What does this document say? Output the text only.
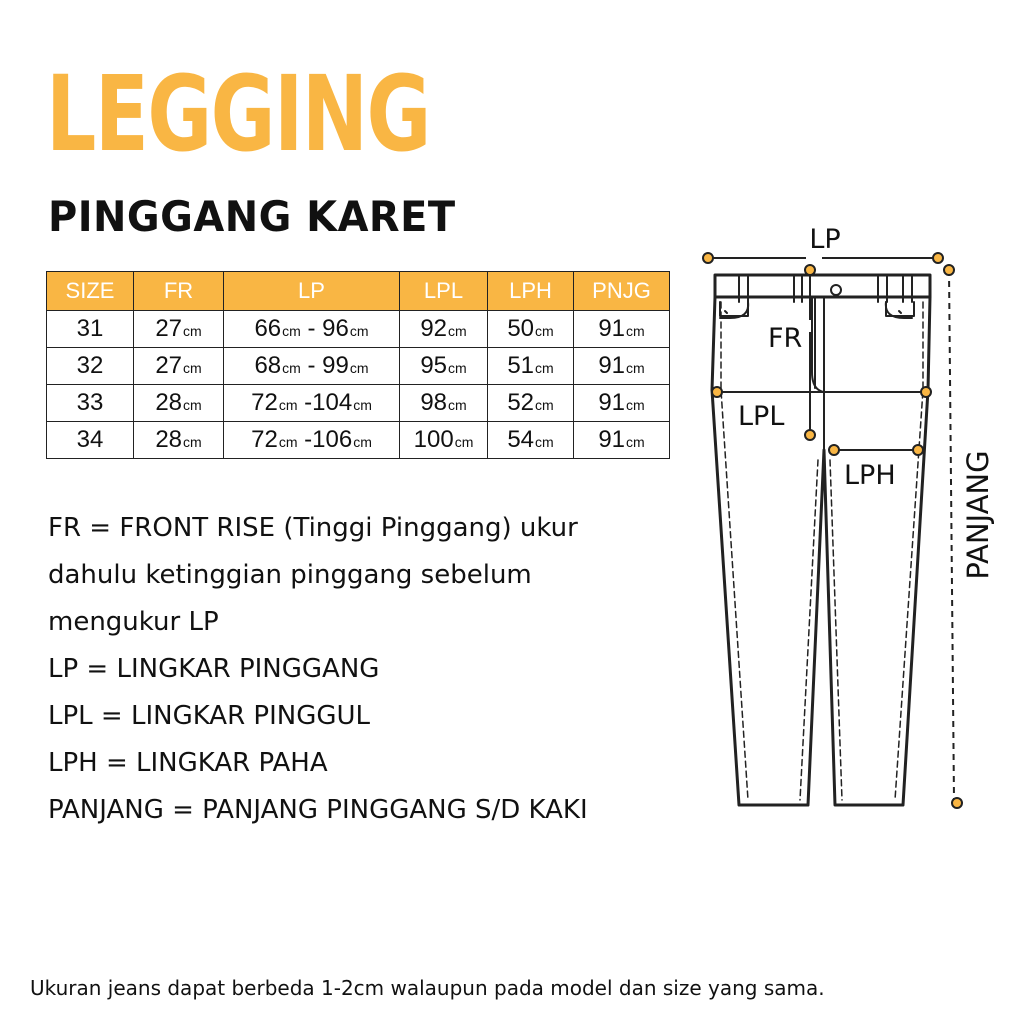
LEGGING
PINGGANG KARET
SIZE	FR	LP	LPL	LPH	PNJG
31	27cm	66cm - 96cm	92cm	50cm	91cm
32	27cm	68cm - 99cm	95cm	51cm	91cm
33	28cm	72cm -104cm	98cm	52cm	91cm
34	28cm	72cm -106cm	100cm	54cm	91cm

FR = FRONT RISE (Tinggi Pinggang) ukur dahulu ketinggian pinggang sebelum mengukur LP

LP = LINGKAR PINGGANG

LPL = LINGKAR PINGGUL

LPH = LINGKAR PAHA

PANJANG = PANJANG PINGGANG S/D KAKI

LP
FR
LPL
LPH PANJANG

Ukuran jeans dapat berbeda 1-2cm walaupun pada model dan size yang sama.
